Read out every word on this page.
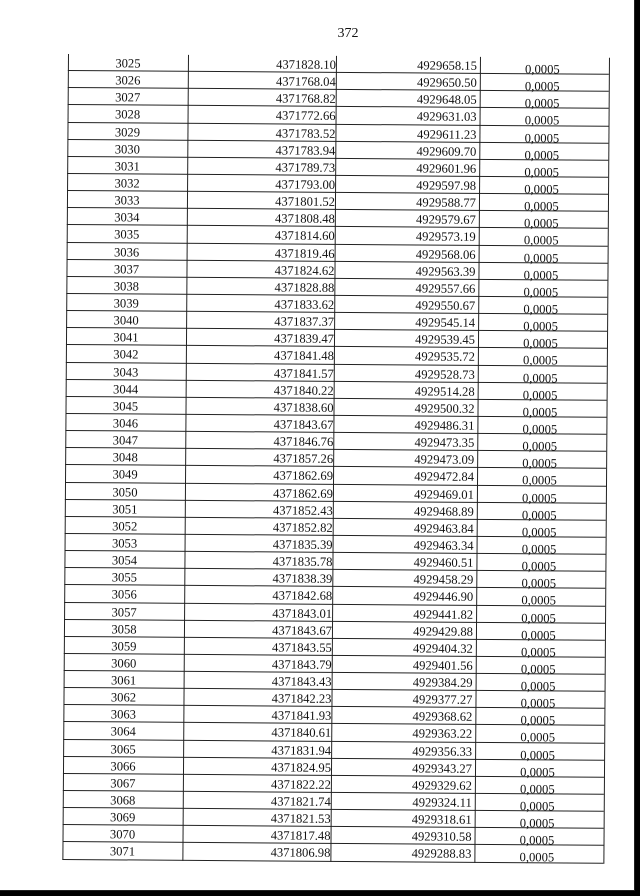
372
3025	4371828.10	4929658.15	0,0005
3026	4371768.04	4929650.50	0,0005
3027	4371768.82	4929648.05	0,0005
3028	4371772.66	4929631.03	0,0005
3029	4371783.52	4929611.23	0,0005
3030	4371783.94	4929609.70	0,0005
3031	4371789.73	4929601.96	0,0005
3032	4371793.00	4929597.98	0,0005
3033	4371801.52	4929588.77	0,0005
3034	4371808.48	4929579.67	0,0005
3035	4371814.60	4929573.19	0,0005
3036	4371819.46	4929568.06	0,0005
3037	4371824.62	4929563.39	0,0005
3038	4371828.88	4929557.66	0,0005
3039	4371833.62	4929550.67	0,0005
3040	4371837.37	4929545.14	0,0005
3041	4371839.47	4929539.45	0,0005
3042	4371841.48	4929535.72	0,0005
3043	4371841.57	4929528.73	0,0005
3044	4371840.22	4929514.28	0,0005
3045	4371838.60	4929500.32	0,0005
3046	4371843.67	4929486.31	0,0005
3047	4371846.76	4929473.35	0,0005
3048	4371857.26	4929473.09	0,0005
3049	4371862.69	4929472.84	0,0005
3050	4371862.69	4929469.01	0,0005
3051	4371852.43	4929468.89	0,0005
3052	4371852.82	4929463.84	0,0005
3053	4371835.39	4929463.34	0,0005
3054	4371835.78	4929460.51	0,0005
3055	4371838.39	4929458.29	0,0005
3056	4371842.68	4929446.90	0,0005
3057	4371843.01	4929441.82	0,0005
3058	4371843.67	4929429.88	0,0005
3059	4371843.55	4929404.32	0,0005
3060	4371843.79	4929401.56	0,0005
3061	4371843.43	4929384.29	0,0005
3062	4371842.23	4929377.27	0,0005
3063	4371841.93	4929368.62	0,0005
3064	4371840.61	4929363.22	0,0005
3065	4371831.94	4929356.33	0,0005
3066	4371824.95	4929343.27	0,0005
3067	4371822.22	4929329.62	0,0005
3068	4371821.74	4929324.11	0,0005
3069	4371821.53	4929318.61	0,0005
3070	4371817.48	4929310.58	0,0005
3071	4371806.98	4929288.83	0,0005
